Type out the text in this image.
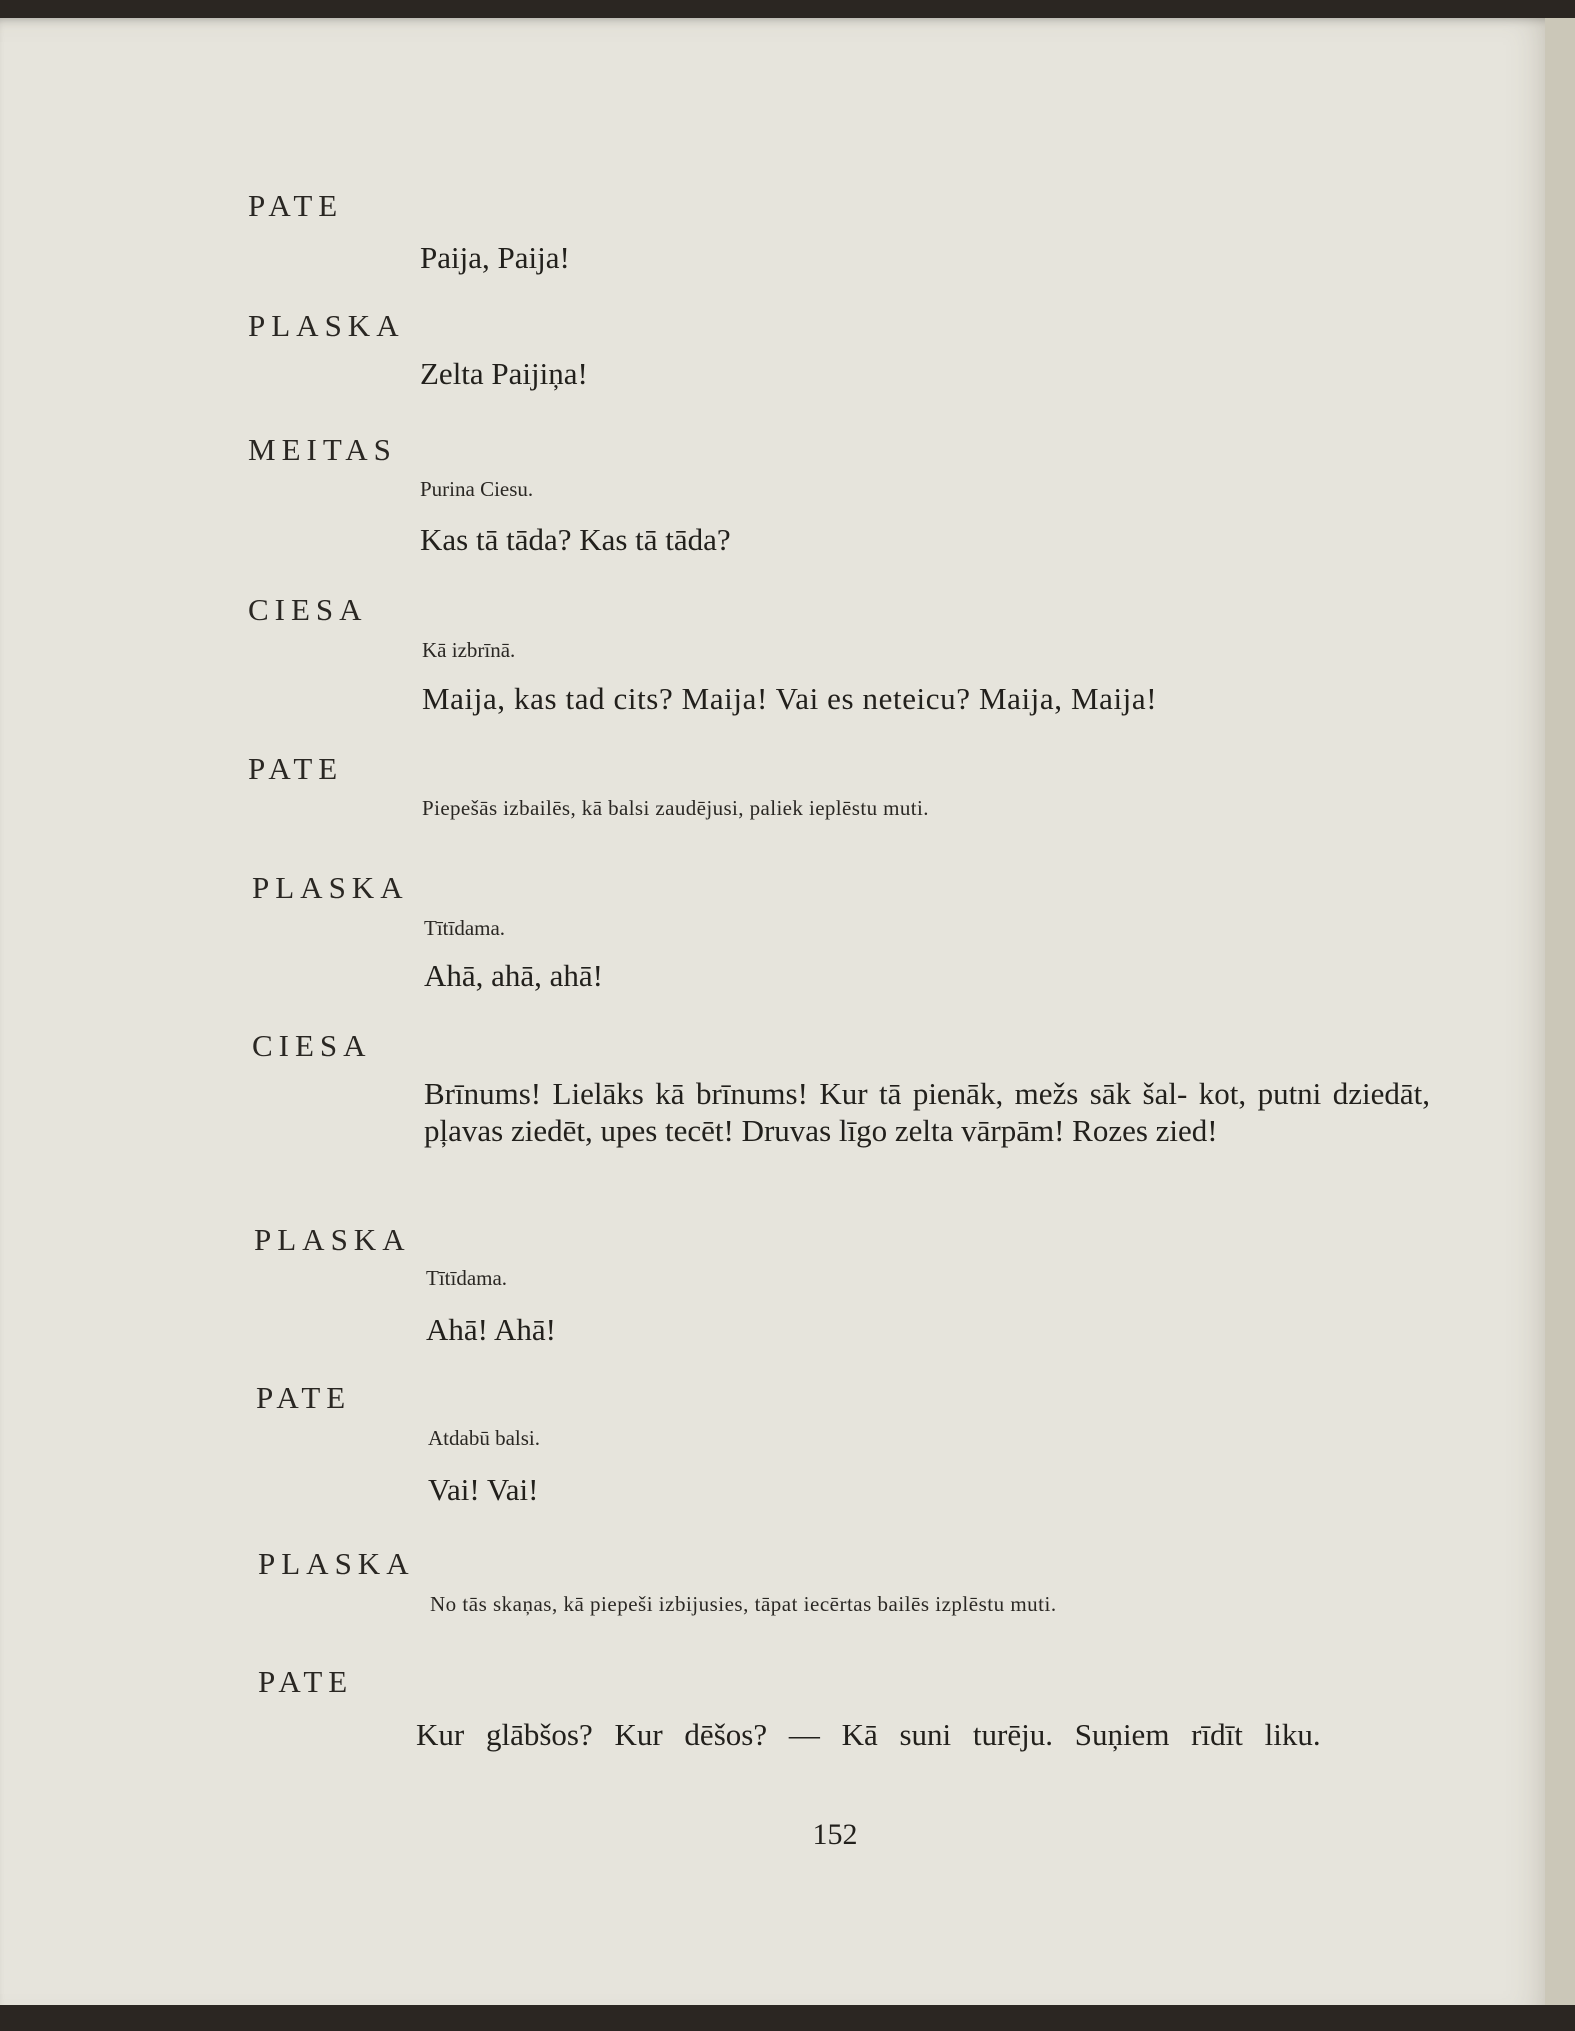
PATE
Paija, Paija!
PLASKA
Zelta Paijiņa!
MEITAS
Purina Ciesu.
Kas tā tāda? Kas tā tāda?
CIESA
Kā izbrīnā.
Maija, kas tad cits? Maija! Vai es neteicu? Maija, Maija!
PATE
Piepešās izbailēs, kā balsi zaudējusi, paliek ieplēstu muti.
PLASKA
Tītīdama.
Ahā, ahā, ahā!
CIESA
Brīnums! Lielāks kā brīnums! Kur tā pienāk, mežs sāk šal- kot, putni dziedāt, pļavas ziedēt, upes tecēt! Druvas līgo zelta vārpām! Rozes zied!
PLASKA
Tītīdama.
Ahā! Ahā!
PATE
Atdabū balsi.
Vai! Vai!
PLASKA
No tās skaņas, kā piepeši izbijusies, tāpat iecērtas bailēs izplēstu muti.
PATE
Kur glābšos? Kur dēšos? — Kā suni turēju. Suņiem rīdīt liku.
152
